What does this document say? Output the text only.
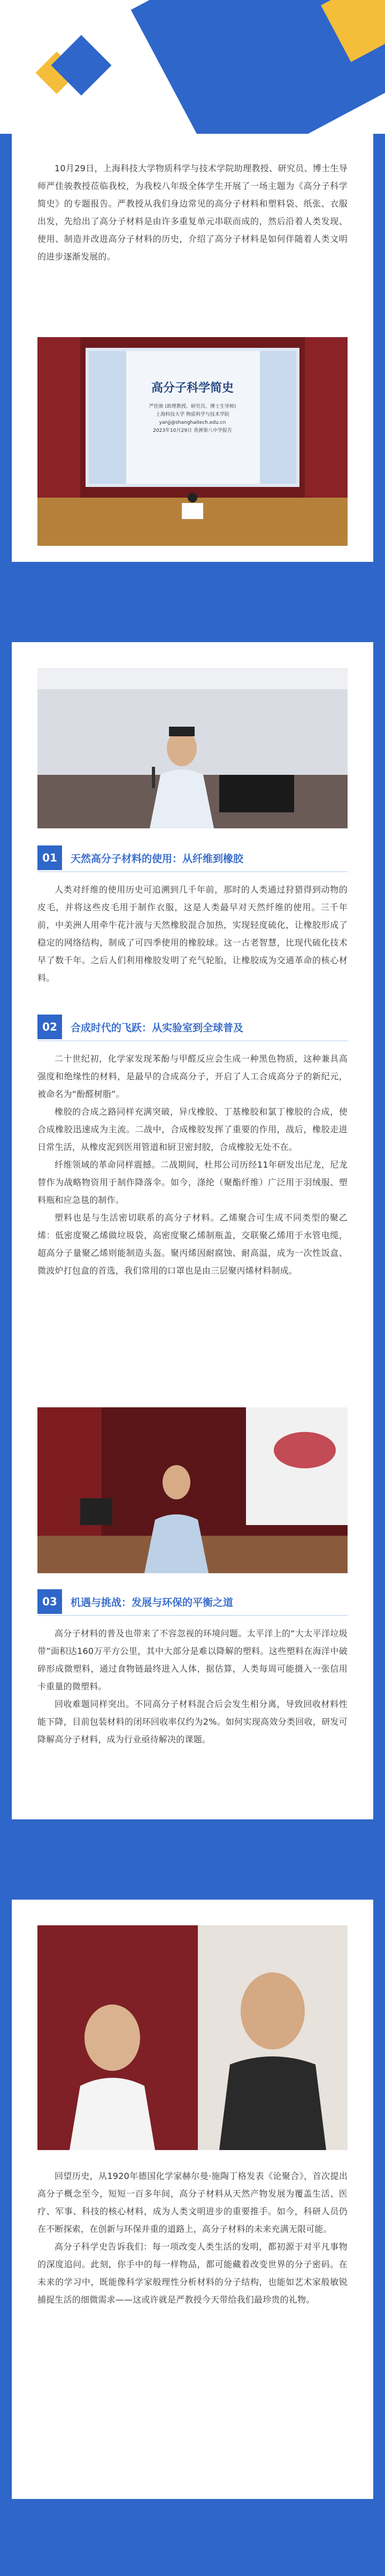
10月29日，上海科技大学物质科学与技术学院助理教授、研究员、博士生导师严佳骏教授莅临我校，为我校八年级全体学生开展了一场主题为《高分子科学简史》的专题报告。严教授从我们身边常见的高分子材料和塑料袋、纸张、衣服出发，先给出了高分子材料是由许多重复单元串联而成的，然后沿着人类发现、使用、制造并改进高分子材料的历史，介绍了高分子材料是如何伴随着人类文明的进步逐渐发展的。

高分子科学简史
严佳骏 (助理教授、研究员、博士生导师)
上海科技大学 物质科学与技术学院
yanjj@shanghaitech.edu.cn
2023年10月29日 香洲第八中学报告
01	天然高分子材料的使用：从纤维到橡胶

人类对纤维的使用历史可追溯到几千年前，那时的人类通过狩猎得到动物的皮毛，并将这些皮毛用于制作衣服，这是人类最早对天然纤维的使用。三千年前，中美洲人用牵牛花汁液与天然橡胶混合加热，实现轻度硫化，让橡胶形成了稳定的网络结构，制成了可四季使用的橡胶球。这一古老智慧，比现代硫化技术早了数千年。之后人们利用橡胶发明了充气轮胎，让橡胶成为交通革命的核心材料。

02	合成时代的飞跃：从实验室到全球普及

二十世纪初，化学家发现苯酚与甲醛反应会生成一种黑色物质，这种兼具高强度和绝缘性的材料，是最早的合成高分子，开启了人工合成高分子的新纪元，被命名为“酚醛树脂”。

橡胶的合成之路同样充满突破，异戊橡胶、丁基橡胶和氯丁橡胶的合成，使合成橡胶迅速成为主流。二战中，合成橡胶发挥了重要的作用，战后，橡胶走进日常生活，从橡皮泥到医用管道和厨卫密封胶，合成橡胶无处不在。

纤维领域的革命同样震撼。二战期间，杜邦公司历经11年研发出尼龙，尼龙替作为战略物资用于制作降落伞。如今，涤纶（聚酯纤维）广泛用于羽绒服、塑料瓶和应急毯的制作。

塑料也是与生活密切联系的高分子材料。乙烯聚合可生成不同类型的聚乙烯：低密度聚乙烯做垃圾袋，高密度聚乙烯制瓶盖，交联聚乙烯用于水管电缆，超高分子量聚乙烯则能制造头盔。聚丙烯因耐腐蚀、耐高温，成为一次性饭盒、微波炉打包盒的首选，我们常用的口罩也是由三层聚丙烯材料制成。

03	机遇与挑战：发展与环保的平衡之道

高分子材料的普及也带来了不容忽视的环境问题。太平洋上的“大太平洋垃圾带”面积达160万平方公里，其中大部分是难以降解的塑料。这些塑料在海洋中破碎形成微塑料，通过食物链最终进入人体，据估算，人类每周可能摄入一张信用卡重量的微塑料。

回收难题同样突出。不同高分子材料混合后会发生相分离，导致回收材料性能下降，目前包装材料的闭环回收率仅约为2%。如何实现高效分类回收，研发可降解高分子材料，成为行业亟待解决的课题。

回望历史，从1920年德国化学家赫尔曼·施陶丁格发表《论聚合》，首次提出高分子概念至今，短短一百多年间，高分子材料从天然产物发展为覆盖生活、医疗、军事、科技的核心材料，成为人类文明进步的重要推手。如今，科研人员仍在不断探索，在创新与环保并重的道路上，高分子材料的未来充满无限可能。

高分子科学史告诉我们：每一项改变人类生活的发明，都初源于对平凡事物的深度追问。此刻，你手中的每一样物品，都可能藏着改变世界的分子密码。在未来的学习中，既能像科学家般理性分析材料的分子结构，也能如艺术家般敏锐捕捉生活的细微需求——这或许就是严教授今天带给我们最珍贵的礼物。
